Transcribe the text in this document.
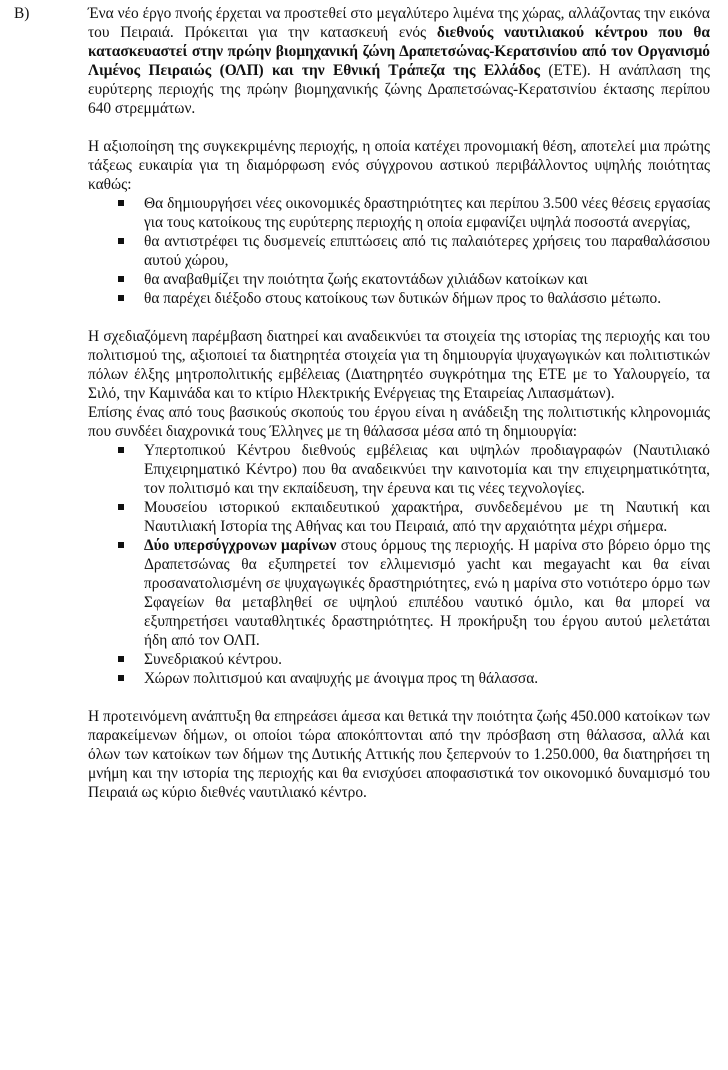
B)	Ένα νέο έργο πνοής έρχεται να προστεθεί στο μεγαλύτερο λιμένα της χώρας, αλλάζοντας την εικόνα του Πειραιά. Πρόκειται για την κατασκευή ενός διεθνούς ναυτιλιακού κέντρου που θα κατασκευαστεί στην πρώην βιομηχανική ζώνη Δραπετσώνας-Κερατσινίου από τον Οργανισμό Λιμένος Πειραιώς (ΟΛΠ) και την Εθνική Τράπεζα της Ελλάδος (ΕΤΕ). Η ανάπλαση της ευρύτερης περιοχής της πρώην βιομηχανικής ζώνης Δραπετσώνας-Κερατσινίου έκτασης περίπου 640 στρεμμάτων.

Η αξιοποίηση της συγκεκριμένης περιοχής, η οποία κατέχει προνομιακή θέση, αποτελεί μια πρώτης τάξεως ευκαιρία για τη διαμόρφωση ενός σύγχρονου αστικού περιβάλλοντος υψηλής ποιότητας καθώς:

Θα δημιουργήσει νέες οικονομικές δραστηριότητες και περίπου 3.500 νέες θέσεις εργασίας για τους κατοίκους της ευρύτερης περιοχής η οποία εμφανίζει υψηλά ποσοστά ανεργίας,
θα αντιστρέφει τις δυσμενείς επιπτώσεις από τις παλαιότερες χρήσεις του παραθαλάσσιου αυτού χώρου,
θα αναβαθμίζει την ποιότητα ζωής εκατοντάδων χιλιάδων κατοίκων και
θα παρέχει διέξοδο στους κατοίκους των δυτικών δήμων προς το θαλάσσιο μέτωπο.

Η σχεδιαζόμενη παρέμβαση διατηρεί και αναδεικνύει τα στοιχεία της ιστορίας της περιοχής και του πολιτισμού της, αξιοποιεί τα διατηρητέα στοιχεία για τη δημιουργία ψυχαγωγικών και πολιτιστικών πόλων έλξης μητροπολιτικής εμβέλειας (Διατηρητέο συγκρότημα της ΕΤΕ με το Υαλουργείο, τα Σιλό, την Καμινάδα και το κτίριο Ηλεκτρικής Ενέργειας της Εταιρείας Λιπασμάτων).

Επίσης ένας από τους βασικούς σκοπούς του έργου είναι η ανάδειξη της πολιτιστικής κληρονομιάς που συνδέει διαχρονικά τους Έλληνες με τη θάλασσα μέσα από τη δημιουργία:

Υπερτοπικού Κέντρου διεθνούς εμβέλειας και υψηλών προδιαγραφών (Ναυτιλιακό Επιχειρηματικό Κέντρο) που θα αναδεικνύει την καινοτομία και την επιχειρηματικότητα, τον πολιτισμό και την εκπαίδευση, την έρευνα και τις νέες τεχνολογίες.
Μουσείου ιστορικού εκπαιδευτικού χαρακτήρα, συνδεδεμένου με τη Ναυτική και Ναυτιλιακή Ιστορία της Αθήνας και του Πειραιά, από την αρχαιότητα μέχρι σήμερα.
Δύο υπερσύγχρονων μαρίνων στους όρμους της περιοχής. Η μαρίνα στο βόρειο όρμο της Δραπετσώνας θα εξυπηρετεί τον ελλιμενισμό yacht και megayacht και θα είναι προσανατολισμένη σε ψυχαγωγικές δραστηριότητες, ενώ η μαρίνα στο νοτιότερο όρμο των Σφαγείων θα μεταβληθεί σε υψηλού επιπέδου ναυτικό όμιλο, και θα μπορεί να εξυπηρετήσει ναυταθλητικές δραστηριότητες. Η προκήρυξη του έργου αυτού μελετάται ήδη από τον ΟΛΠ.
Συνεδριακού κέντρου.
Χώρων πολιτισμού και αναψυχής με άνοιγμα προς τη θάλασσα.

Η προτεινόμενη ανάπτυξη θα επηρεάσει άμεσα και θετικά την ποιότητα ζωής 450.000 κατοίκων των παρακείμενων δήμων, οι οποίοι τώρα αποκόπτονται από την πρόσβαση στη θάλασσα, αλλά και όλων των κατοίκων των δήμων της Δυτικής Αττικής που ξεπερνούν το 1.250.000, θα διατηρήσει τη μνήμη και την ιστορία της περιοχής και θα ενισχύσει αποφασιστικά τον οικονομικό δυναμισμό του Πειραιά ως κύριο διεθνές ναυτιλιακό κέντρο.
